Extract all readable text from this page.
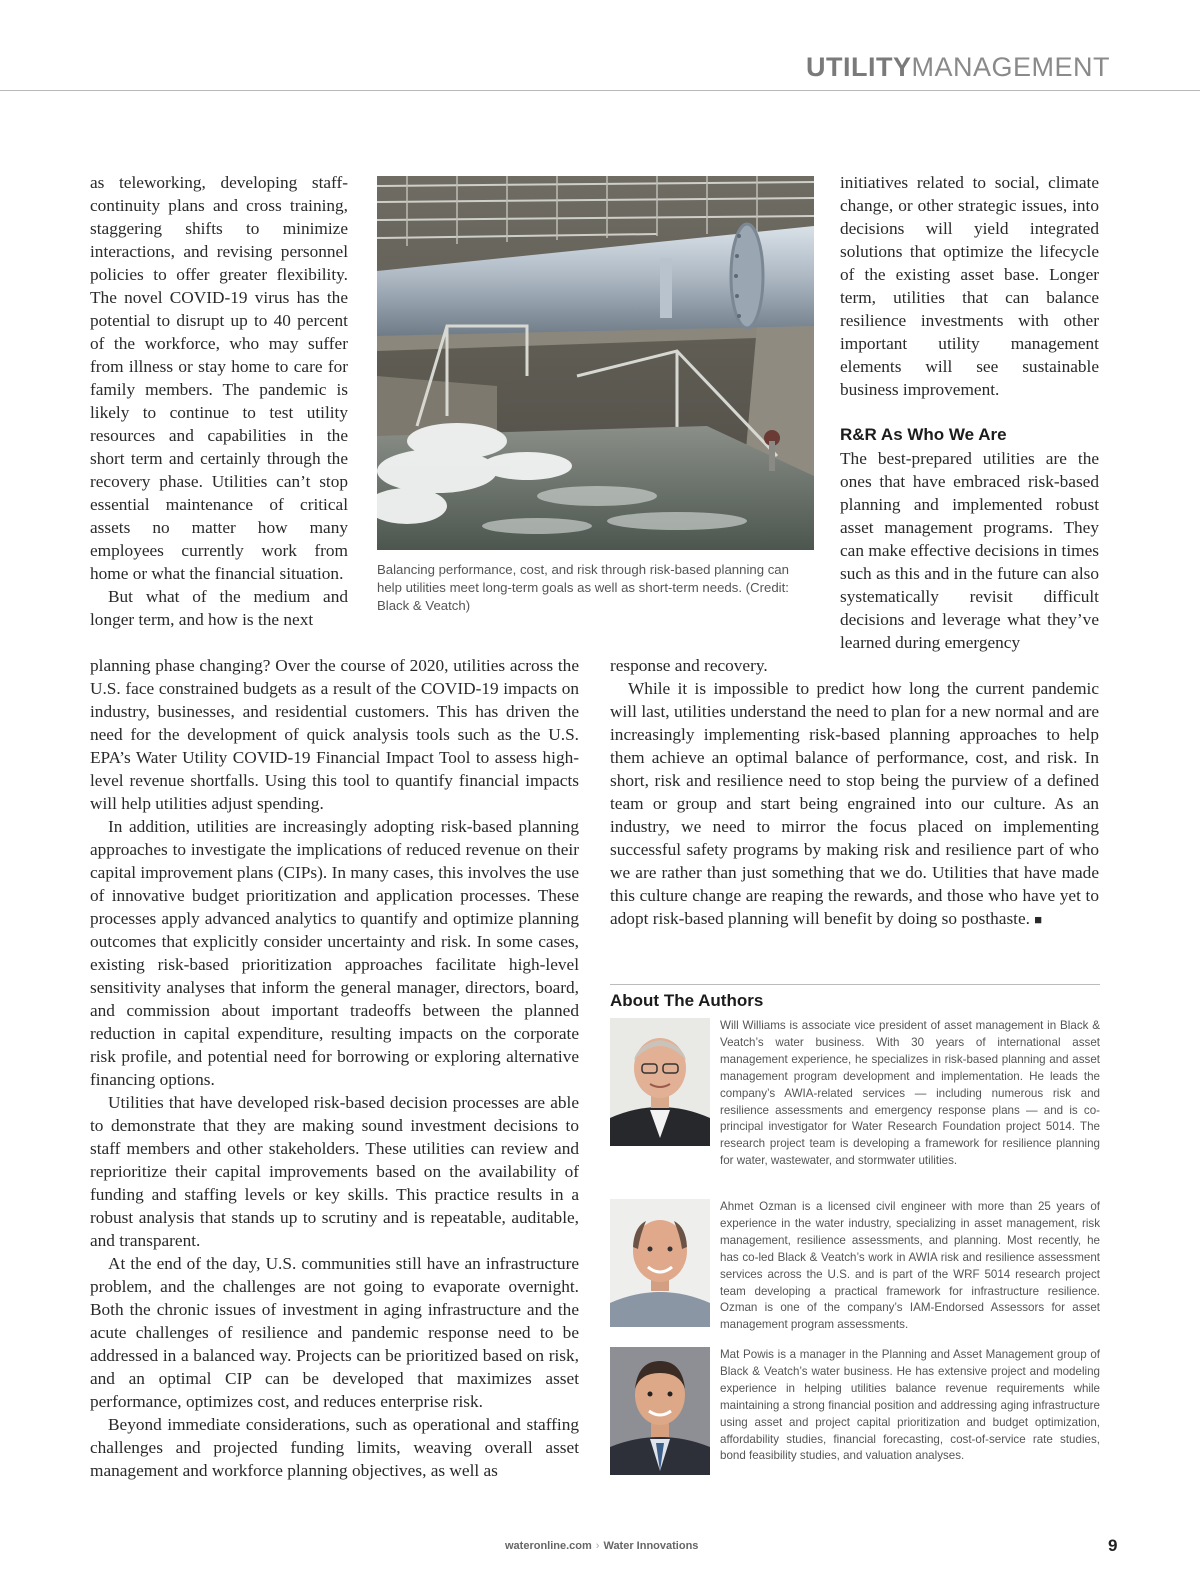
UTILITYMANAGEMENT

as teleworking, developing staff-continuity plans and cross training, staggering shifts to minimize interactions, and revising personnel policies to offer greater flexibility. The novel COVID-19 virus has the potential to disrupt up to 40 percent of the workforce, who may suffer from illness or stay home to care for family members. The pandemic is likely to continue to test utility resources and capabilities in the short term and certainly through the recovery phase. Utilities can’t stop essential maintenance of critical assets no matter how many employees currently work from home or what the financial situation.

But what of the medium and longer term, and how is the next

Balancing performance, cost, and risk through risk-based planning can help utilities meet long-term goals as well as short-term needs. (Credit: Black & Veatch)

planning phase changing? Over the course of 2020, utilities across the U.S. face constrained budgets as a result of the COVID-19 impacts on industry, businesses, and residential customers. This has driven the need for the development of quick analysis tools such as the U.S. EPA’s Water Utility COVID-19 Financial Impact Tool to assess high-level revenue shortfalls. Using this tool to quantify financial impacts will help utilities adjust spending.

In addition, utilities are increasingly adopting risk-based planning approaches to investigate the implications of reduced revenue on their capital improvement plans (CIPs). In many cases, this involves the use of innovative budget prioritization and application processes. These processes apply advanced analytics to quantify and optimize planning outcomes that explicitly consider uncertainty and risk. In some cases, existing risk-based prioritization approaches facilitate high-level sensitivity analyses that inform the general manager, directors, board, and commission about important tradeoffs between the planned reduction in capital expenditure, resulting impacts on the corporate risk profile, and potential need for borrowing or exploring alternative financing options.

Utilities that have developed risk-based decision processes are able to demonstrate that they are making sound investment decisions to staff members and other stakeholders. These utilities can review and reprioritize their capital improvements based on the availability of funding and staffing levels or key skills. This practice results in a robust analysis that stands up to scrutiny and is repeatable, auditable, and transparent.

At the end of the day, U.S. communities still have an infrastructure problem, and the challenges are not going to evaporate overnight. Both the chronic issues of investment in aging infrastructure and the acute challenges of resilience and pandemic response need to be addressed in a balanced way. Projects can be prioritized based on risk, and an optimal CIP can be developed that maximizes asset performance, optimizes cost, and reduces enterprise risk.

Beyond immediate considerations, such as operational and staffing challenges and projected funding limits, weaving overall asset management and workforce planning objectives, as well as

initiatives related to social, climate change, or other strategic issues, into decisions will yield integrated solutions that optimize the lifecycle of the existing asset base. Longer term, utilities that can balance resilience investments with other important utility management elements will see sustainable business improvement.

R&R As Who We Are

The best-prepared utilities are the ones that have embraced risk-based planning and implemented robust asset management programs. They can make effective decisions in times such as this and in the future can also systematically revisit difficult decisions and leverage what they’ve learned during emergency

response and recovery.

While it is impossible to predict how long the current pandemic will last, utilities understand the need to plan for a new normal and are increasingly implementing risk-based planning approaches to help them achieve an optimal balance of performance, cost, and risk. In short, risk and resilience need to stop being the purview of a defined team or group and start being engrained into our culture. As an industry, we need to mirror the focus placed on implementing successful safety programs by making risk and resilience part of who we are rather than just something that we do. Utilities that have made this culture change are reaping the rewards, and those who have yet to adopt risk-based planning will benefit by doing so posthaste. ■

About The Authors

Will Williams is associate vice president of asset management in Black & Veatch’s water business. With 30 years of international asset management experience, he specializes in risk-based planning and asset management program development and implementation. He leads the company’s AWIA-related services — including numerous risk and resilience assessments and emergency response plans — and is co-principal investigator for Water Research Foundation project 5014. The research project team is developing a framework for resilience planning for water, wastewater, and stormwater utilities.

Ahmet Ozman is a licensed civil engineer with more than 25 years of experience in the water industry, specializing in asset management, risk management, resilience assessments, and planning. Most recently, he has co-led Black & Veatch’s work in AWIA risk and resilience assessment services across the U.S. and is part of the WRF 5014 research project team developing a practical framework for infrastructure resilience. Ozman is one of the company’s IAM-Endorsed Assessors for asset management program assessments.

Mat Powis is a manager in the Planning and Asset Management group of Black & Veatch’s water business. He has extensive project and modeling experience in helping utilities balance revenue requirements while maintaining a strong financial position and addressing aging infrastructure using asset and project capital prioritization and budget optimization, affordability studies, financial forecasting, cost-of-service rate studies, bond feasibility studies, and valuation analyses.

wateronline.com › Water Innovations	9
